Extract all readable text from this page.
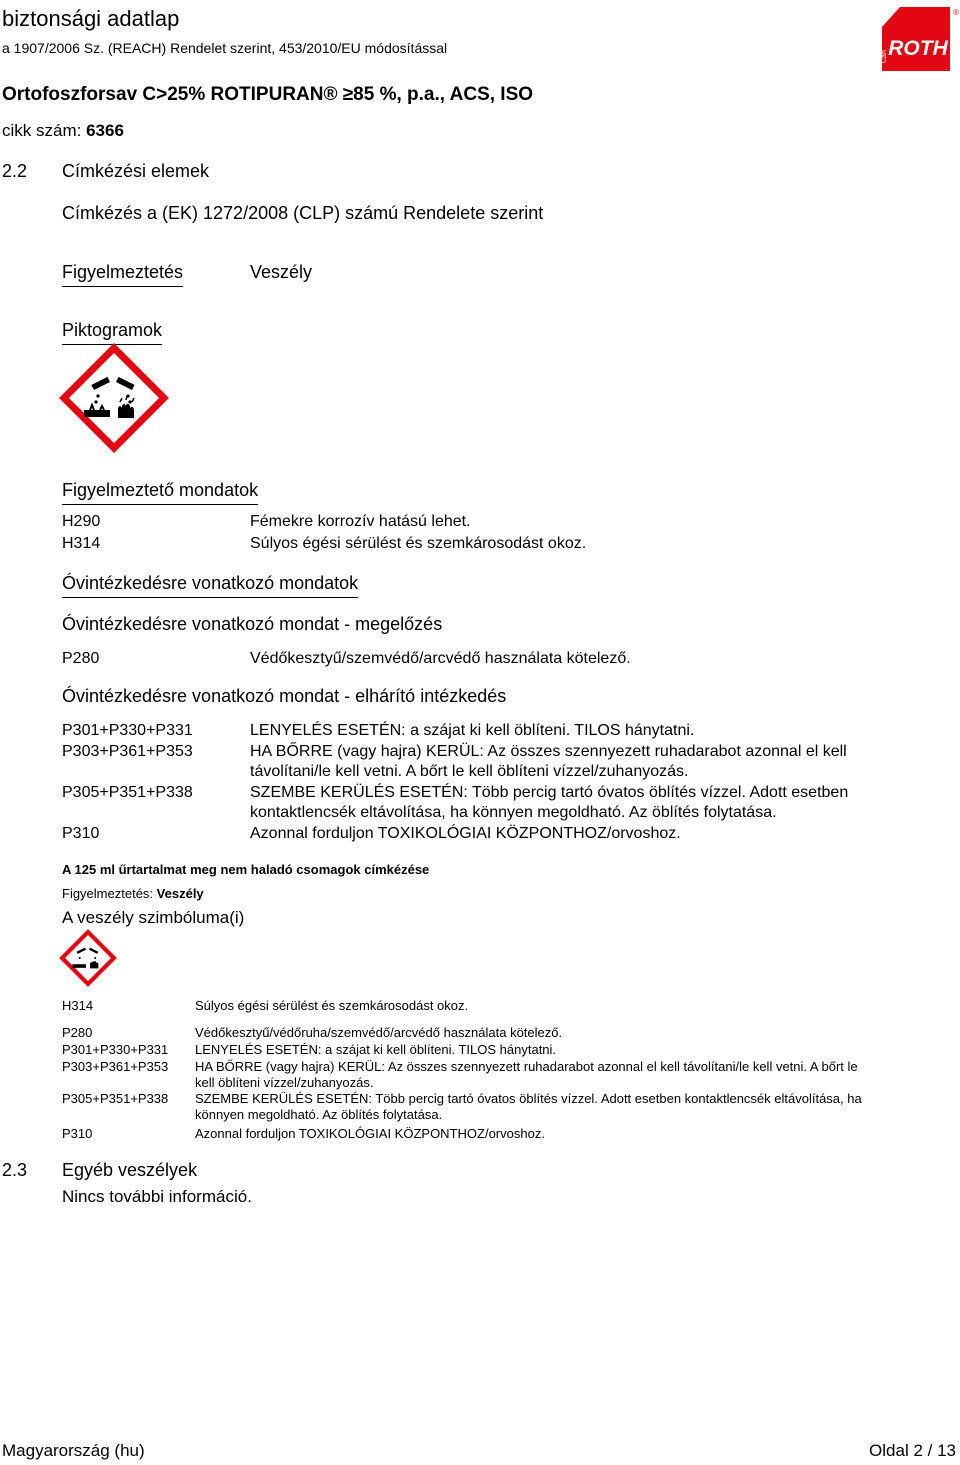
biztonsági adatlap
a 1907/2006 Sz. (REACH) Rendelet szerint, 453/2010/EU módosítással
Ortofoszforsav C>25% ROTIPURAN® ≥85 %, p.a., ACS, ISO
cikk szám: 6366
Carl ROTH
®
2.2 Címkézési elemek
Címkézés a (EK) 1272/2008 (CLP) számú Rendelete szerint
Figyelmeztetés	Veszély
Piktogramok
Figyelmeztető mondatok
H290	Fémekre korrozív hatású lehet.
H314	Súlyos égési sérülést és szemkárosodást okoz.
Óvintézkedésre vonatkozó mondatok
Óvintézkedésre vonatkozó mondat - megelőzés
P280	Védőkesztyű/szemvédő/arcvédő használata kötelező.
Óvintézkedésre vonatkozó mondat - elhárító intézkedés
P301+P330+P331	LENYELÉS ESETÉN: a szájat ki kell öblíteni. TILOS hánytatni.
P303+P361+P353	HA BŐRRE (vagy hajra) KERÜL: Az összes szennyezett ruhadarabot azonnal el kell
távolítani/le kell vetni. A bőrt le kell öblíteni vízzel/zuhanyozás.
P305+P351+P338	SZEMBE KERÜLÉS ESETÉN: Több percig tartó óvatos öblítés vízzel. Adott esetben
kontaktlencsék eltávolítása, ha könnyen megoldható. Az öblítés folytatása.
P310	Azonnal forduljon TOXIKOLÓGIAI KÖZPONTHOZ/orvoshoz.
A 125 ml űrtartalmat meg nem haladó csomagok címkézése
Figyelmeztetés: Veszély
A veszély szimbóluma(i)
H314	Súlyos égési sérülést és szemkárosodást okoz.
P280	Védőkesztyű/védőruha/szemvédő/arcvédő használata kötelező.
P301+P330+P331 LENYELÉS ESETÉN: a szájat ki kell öblíteni. TILOS hánytatni.
P303+P361+P353 HA BŐRRE (vagy hajra) KERÜL: Az összes szennyezett ruhadarabot azonnal el kell távolítani/le kell vetni. A bőrt le
kell öblíteni vízzel/zuhanyozás.
P305+P351+P338 SZEMBE KERÜLÉS ESETÉN: Több percig tartó óvatos öblítés vízzel. Adott esetben kontaktlencsék eltávolítása, ha
könnyen megoldható. Az öblítés folytatása.
P310	Azonnal forduljon TOXIKOLÓGIAI KÖZPONTHOZ/orvoshoz.
2.3 Egyéb veszélyek
Nincs további információ.
Magyarország (hu)	Oldal 2 / 13
